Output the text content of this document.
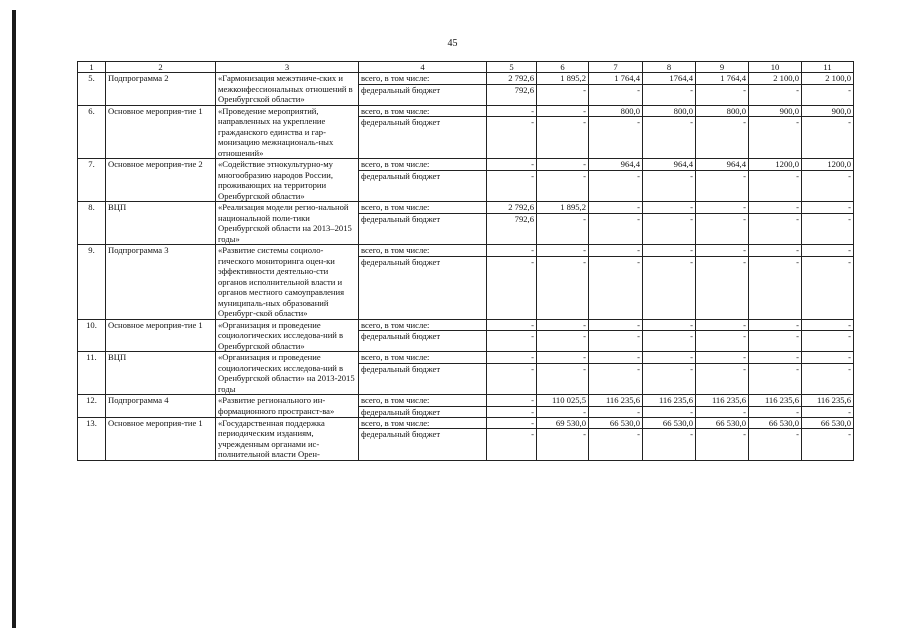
45
1	2	3	4	5	6	7	8	9	10	11
5.	Подпрограмма 2	«Гармонизация межэтниче-ских и межконфессиональных отношений в Оренбургской области»	всего, в том числе:	2 792,6	1 895,2	1 764,4	1764,4	1 764,4	2 100,0	2 100,0
			федеральный бюджет	792,6	-	-	-	-	-	-
6.	Основное мероприя-тие 1	«Проведение мероприятий, направленных на укрепление гражданского единства и гар-монизацию межнациональ-ных отношений»	всего, в том числе:	-	-	800,0	800,0	800,0	900,0	900,0
			федеральный бюджет	-	-	-	-	-	-	-
7.	Основное мероприя-тие 2	«Содействие этнокультурно-му многообразию народов России, проживающих на территории Оренбургской области»	всего, в том числе:	-	-	964,4	964,4	964,4	1200,0	1200,0
			федеральный бюджет	-	-	-	-	-	-	-
8.	ВЦП	«Реализация модели регио-нальной национальной поли-тики Оренбургской области на 2013–2015 годы»	всего, в том числе:	2 792,6	1 895,2	-	-	-	-	-
			федеральный бюджет	792,6	-	-	-	-	-	-
9.	Подпрограмма 3	«Развитие системы социоло-гического мониторинга оцен-ки эффективности деятельно-сти органов исполнительной власти и органов местного самоуправления муниципаль-ных образований Оренбург-ской области»	всего, в том числе:	-	-	-	-	-	-	-
			федеральный бюджет	-	-	-	-	-	-	-
10.	Основное мероприя-тие 1	«Организация и проведение социологических исследова-ний в Оренбургской области»	всего, в том числе:	-	-	-	-	-	-	-
			федеральный бюджет	-	-	-	-	-	-	-
11.	ВЦП	«Организация и проведение социологических исследова-ний в Оренбургской области» на 2013-2015 годы	всего, в том числе:	-	-	-	-	-	-	-
			федеральный бюджет	-	-	-	-	-	-	-
12.	Подпрограмма 4	«Развитие регионального ин-формационного пространст-ва»	всего, в том числе:	-	110 025,5	116 235,6	116 235,6	116 235,6	116 235,6	116 235,6
			федеральный бюджет	-	-	-	-	-	-	-
13.	Основное мероприя-тие 1	«Государственная поддержка периодическим изданиям, учрежденным органами ис-полнительной власти Орен-	всего, в том числе:	-	69 530,0	66 530,0	66 530,0	66 530,0	66 530,0	66 530,0
			федеральный бюджет	-	-	-	-	-	-	-
